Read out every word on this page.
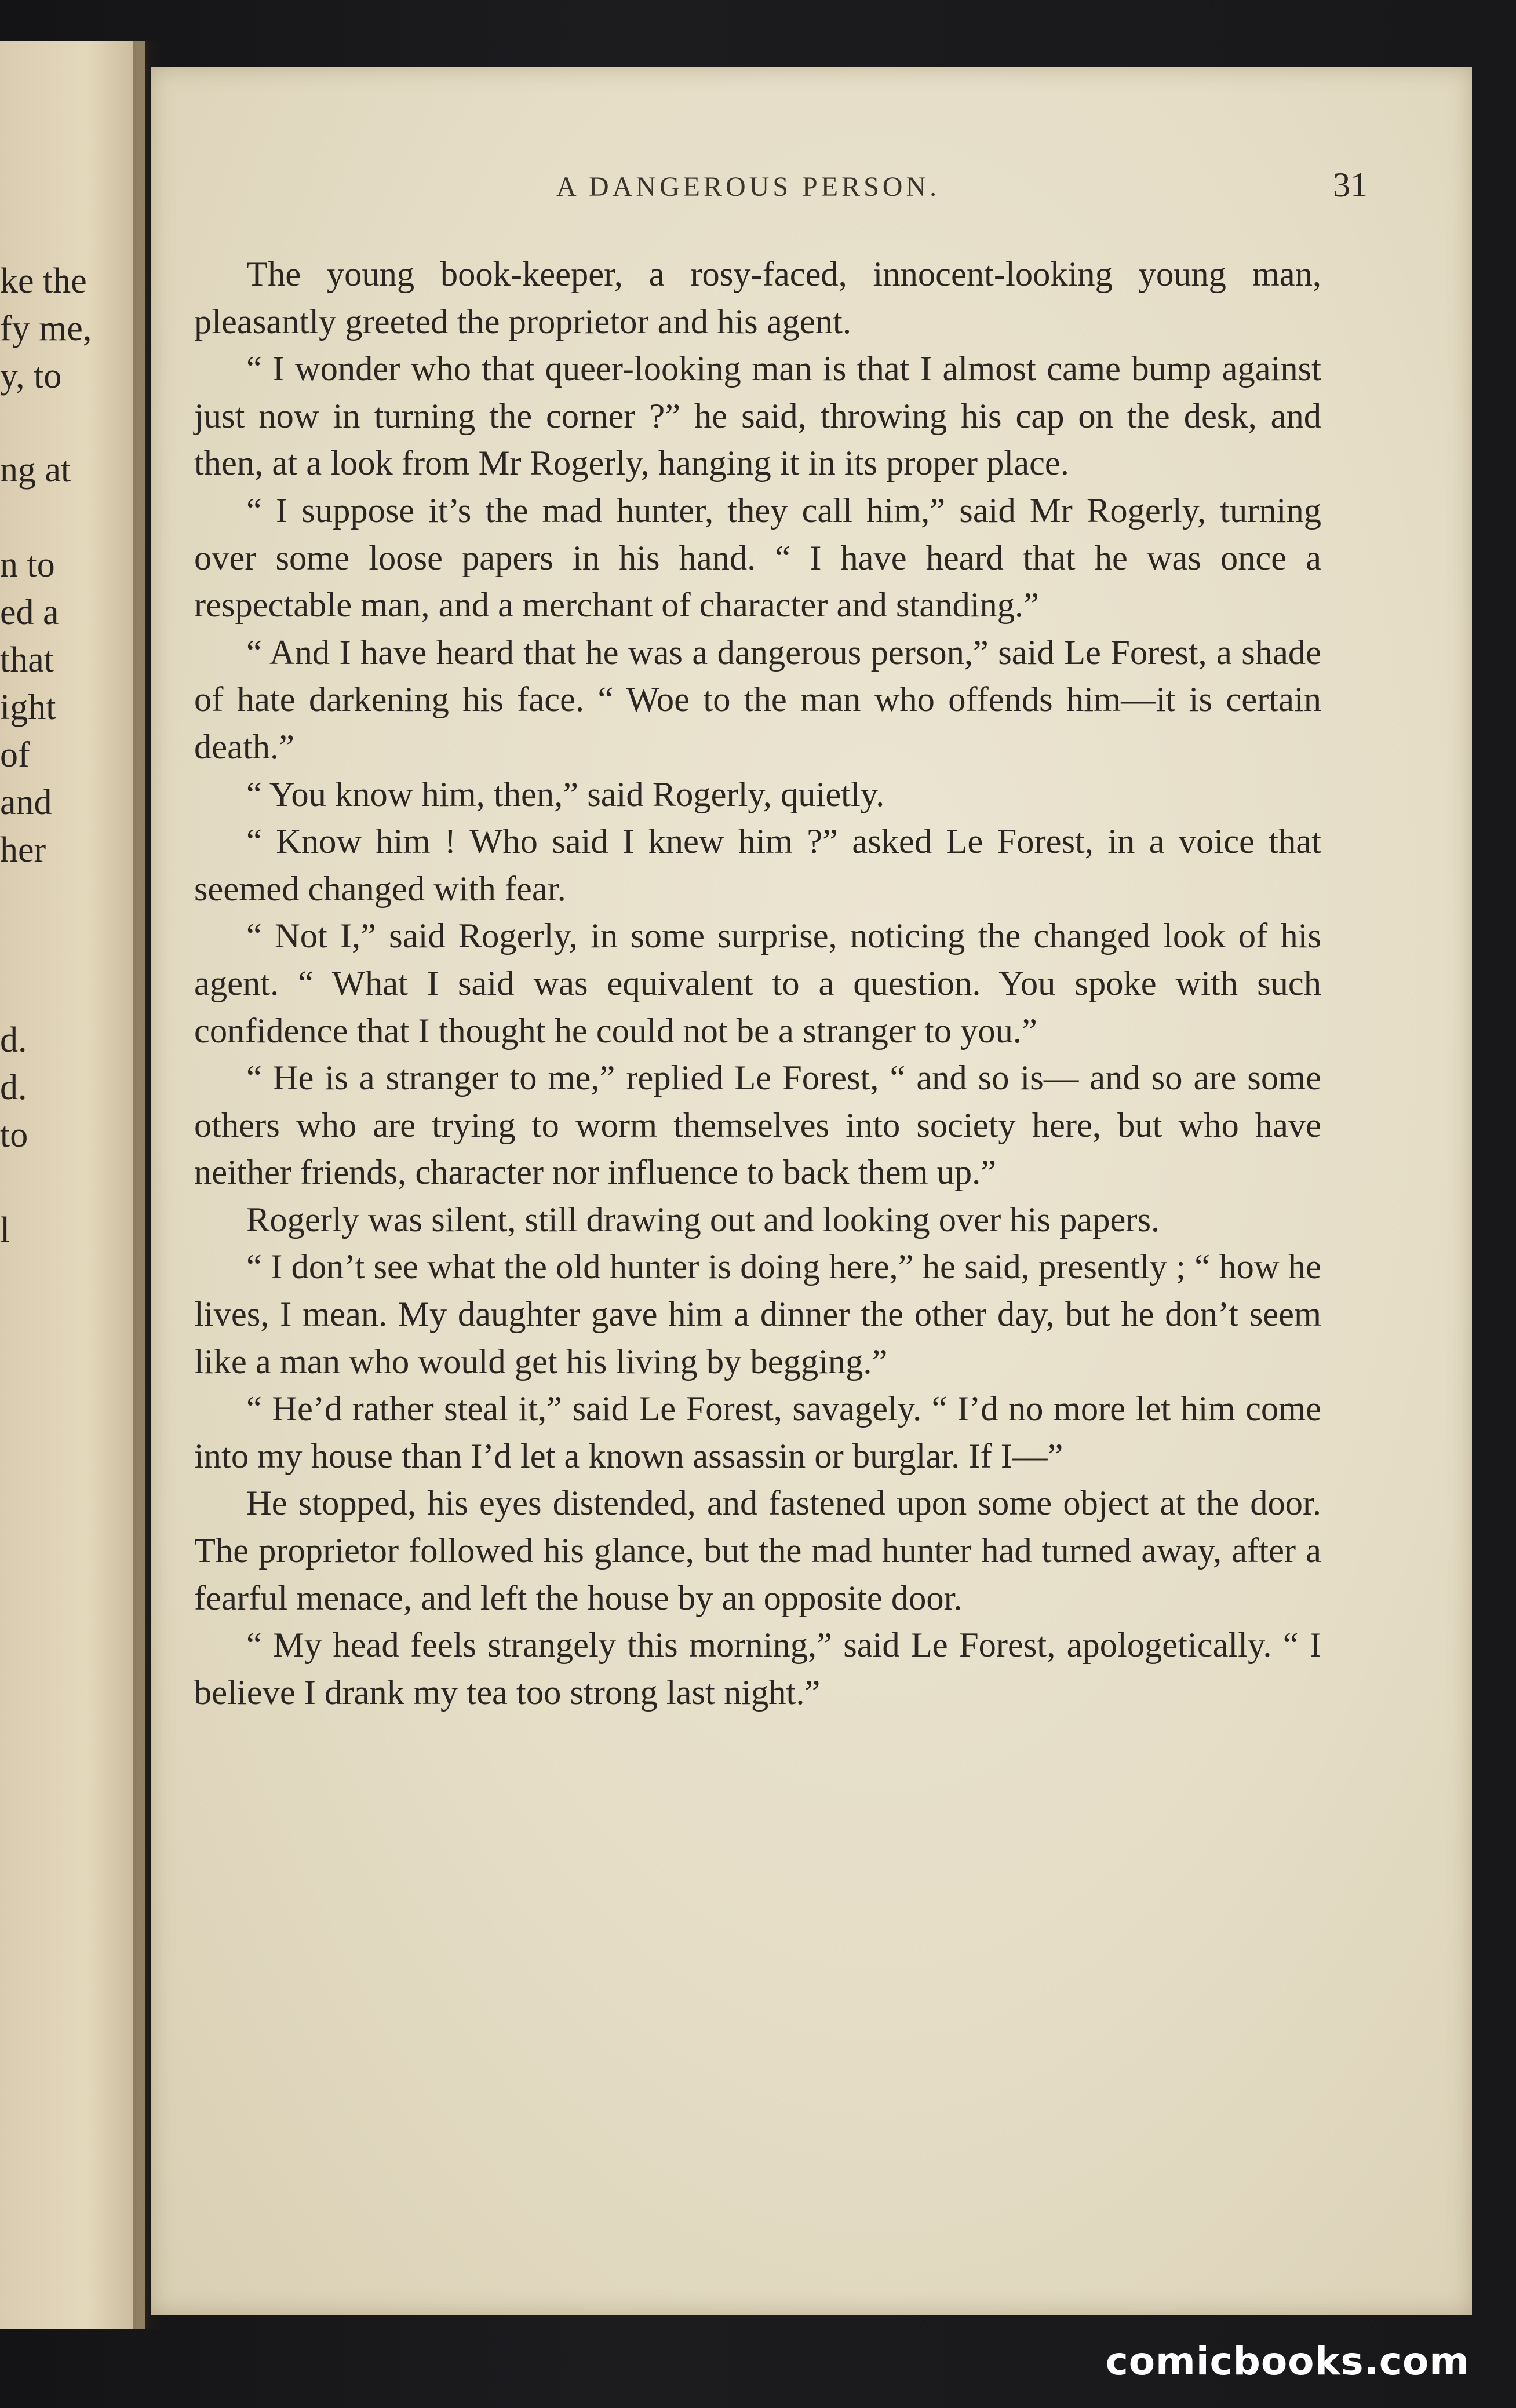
ke the
fy me,
y, to
ng at
n to
ed a
that
ight
of
and
her
d.
d.
to
l
A DANGEROUS PERSON.	31

The young book-keeper, a rosy-faced, innocent-looking young man, pleasantly greeted the proprietor and his agent.

“ I wonder who that queer-looking man is that I almost came bump against just now in turning the corner ?” he said, throwing his cap on the desk, and then, at a look from Mr Rogerly, hanging it in its proper place.

“ I suppose it’s the mad hunter, they call him,” said Mr Rogerly, turning over some loose papers in his hand. “ I have heard that he was once a respectable man, and a merchant of character and standing.”

“ And I have heard that he was a dangerous person,” said Le Forest, a shade of hate darkening his face. “ Woe to the man who offends him—it is certain death.”

“ You know him, then,” said Rogerly, quietly.

“ Know him ! Who said I knew him ?” asked Le Forest, in a voice that seemed changed with fear.

“ Not I,” said Rogerly, in some surprise, noticing the changed look of his agent. “ What I said was equivalent to a question. You spoke with such confidence that I thought he could not be a stranger to you.”

“ He is a stranger to me,” replied Le Forest, “ and so is— and so are some others who are trying to worm themselves into society here, but who have neither friends, character nor influence to back them up.”

Rogerly was silent, still drawing out and looking over his papers.

“ I don’t see what the old hunter is doing here,” he said, presently ; “ how he lives, I mean. My daughter gave him a dinner the other day, but he don’t seem like a man who would get his living by begging.”

“ He’d rather steal it,” said Le Forest, savagely. “ I’d no more let him come into my house than I’d let a known assassin or burglar. If I—”

He stopped, his eyes distended, and fastened upon some object at the door. The proprietor followed his glance, but the mad hunter had turned away, after a fearful menace, and left the house by an opposite door.

“ My head feels strangely this morning,” said Le Forest, apologetically. “ I believe I drank my tea too strong last night.”

comicbooks.com
